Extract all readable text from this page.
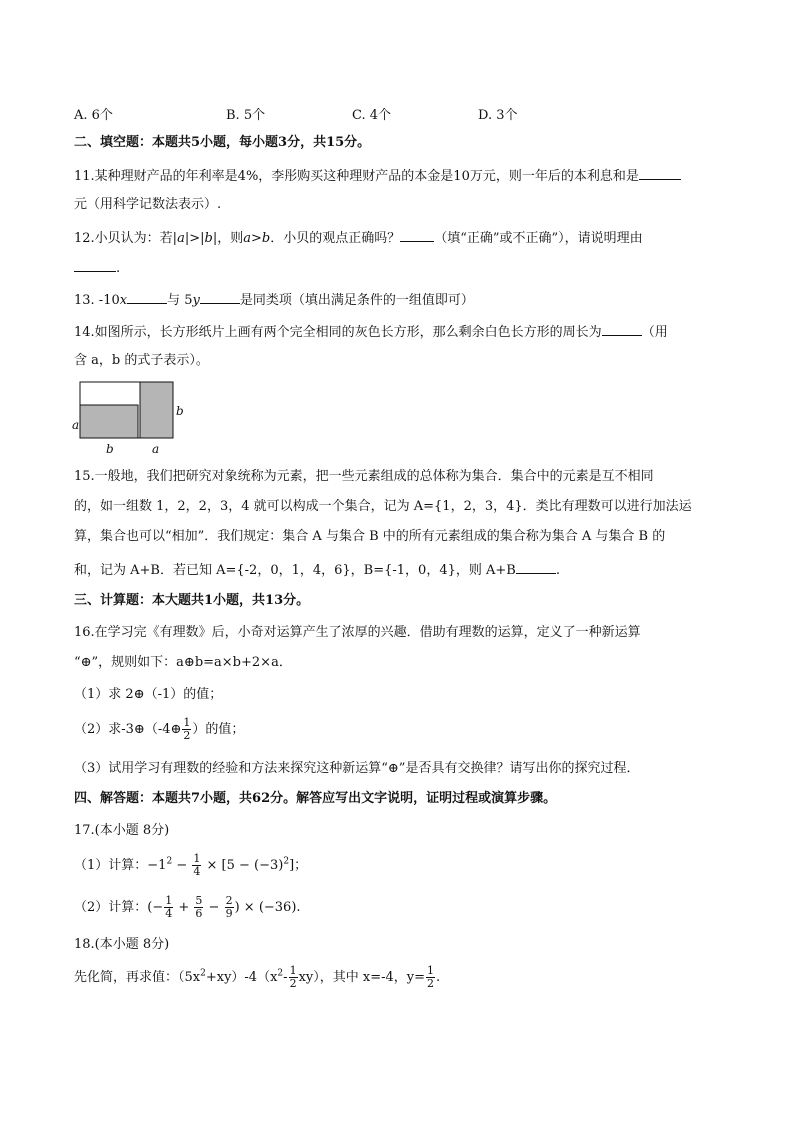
A. 6个	B. 5个	C. 4个	D. 3个
二、填空题：本题共5小题，每小题3分，共15分。
11.某种理财产品的年利率是4%，李彤购买这种理财产品的本金是10万元，则一年后的本利息和是
元（用科学记数法表示）.
12.小贝认为：若|a|>|b|，则a>b．小贝的观点正确吗？	（填“正确”或不正确”），请说明理由
.
13. -10x	与 5y	是同类项（填出满足条件的一组值即可）
14.如图所示，长方形纸片上画有两个完全相同的灰色长方形，那么剩余白色长方形的周长为	（用
含 a，b 的式子表示）。
a
b
b	a
15.一般地，我们把研究对象统称为元素，把一些元素组成的总体称为集合．集合中的元素是互不相同
的，如一组数 1，2，2，3，4 就可以构成一个集合，记为 A={1，2，3，4}．类比有理数可以进行加法运
算，集合也可以“相加”．我们规定：集合 A 与集合 B 中的所有元素组成的集合称为集合 A 与集合 B 的
和，记为 A+B．若已知 A={-2，0，1，4，6}，B={-1，0，4}，则 A+B	.
三、计算题：本大题共1小题，共13分。
16.在学习完《有理数》后，小奇对运算产生了浓厚的兴趣．借助有理数的运算，定义了一种新运算
“⊕”，规则如下：a⊕b=a×b+2×a．
（1）求 2⊕（-1）的值；
（2）求-3⊕（-4⊕ $\frac{1}{2}$ ）的值；
（3）试用学习有理数的经验和方法来探究这种新运算“⊕”是否具有交换律？请写出你的探究过程．
四、解答题：本题共7小题，共62分。解答应写出文字说明，证明过程或演算步骤。
17.(本小题 8分)
（1）计算：$-1^2 - \frac{1}{4} \times [5 - (-3)^2]$；
（2）计算：(− $\frac{1}{4} + \frac{5}{6} - \frac{2}{9}$ ) × (−36).
18.(本小题 8分)
先化简，再求值：$(5x^2+xy)-4(x^2- \frac{1}{2} xy)$，其中 x=-4，$y= \frac{1}{2}$ .
